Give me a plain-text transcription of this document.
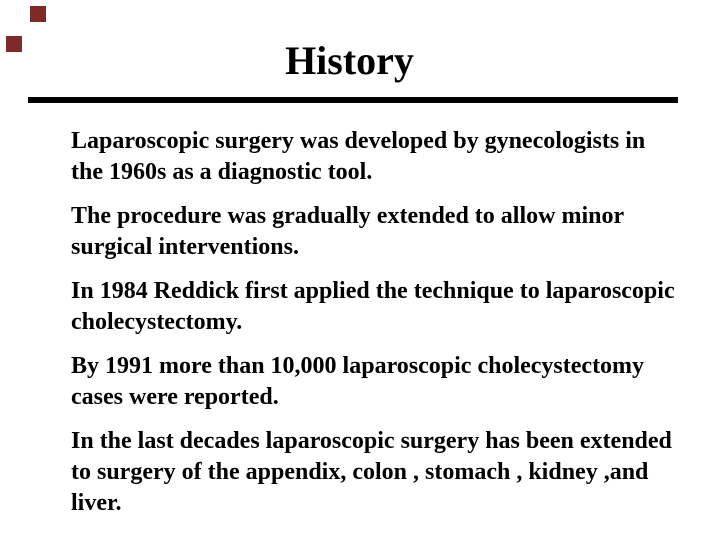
History
Laparoscopic surgery was developed by gynecologists in
the 1960s as a diagnostic tool.
The procedure was gradually extended to allow minor
surgical interventions.
In 1984 Reddick first applied the technique to laparoscopic
cholecystectomy.
By 1991 more than 10,000 laparoscopic cholecystectomy
cases were reported.
In the last decades laparoscopic surgery has been extended
to surgery of the appendix, colon , stomach , kidney ,and
liver.
